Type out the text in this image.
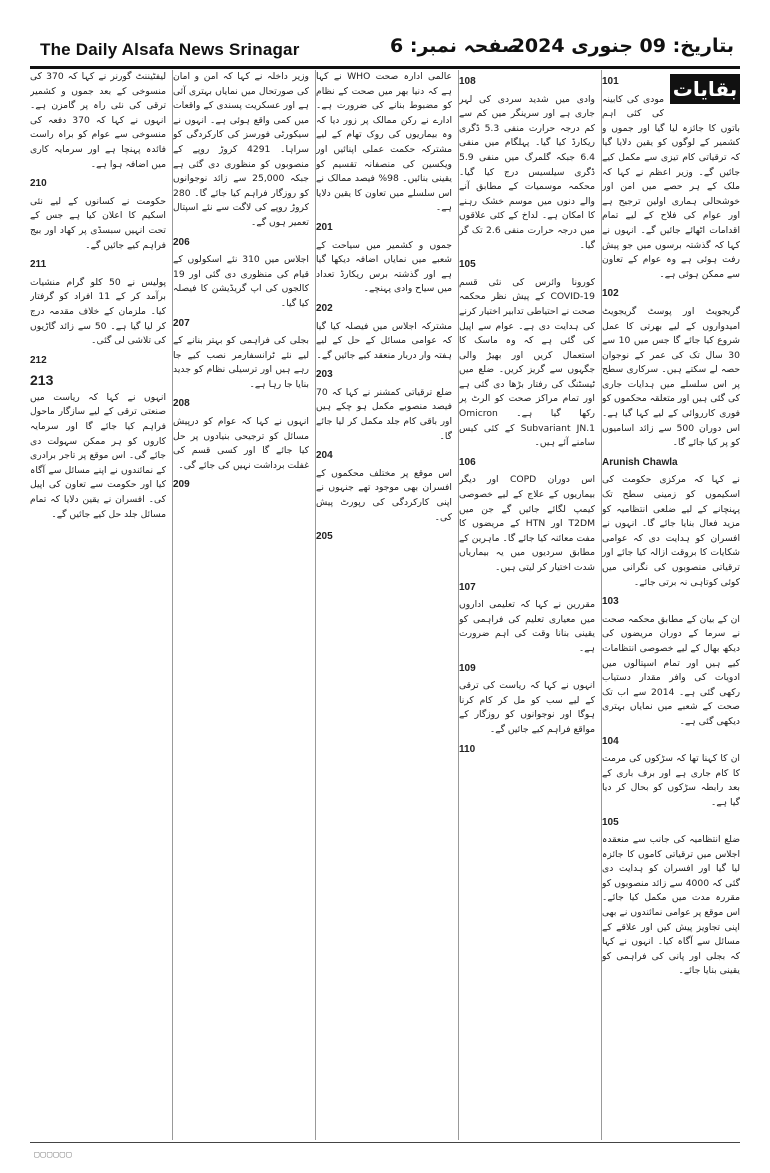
The Daily Alsafa News Srinagar	صفحہ نمبر: 6
بتاریخ: 09 جنوری 2024
بقایات
101

مودی کی کابینہ کی کئی اہم باتوں کا جائزہ لیا گیا اور جموں و کشمیر کے لوگوں کو یقین دلایا گیا کہ ترقیاتی کام تیزی سے مکمل کیے جائیں گے۔ وزیر اعظم نے کہا کہ ملک کے ہر حصے میں امن اور خوشحالی ہماری اولین ترجیح ہے اور عوام کی فلاح کے لیے تمام اقدامات اٹھائے جائیں گے۔ انہوں نے کہا کہ گذشتہ برسوں میں جو پیش رفت ہوئی ہے وہ عوام کے تعاون سے ممکن ہوئی ہے۔

102

گریجویٹ اور پوسٹ گریجویٹ امیدواروں کے لیے بھرتی کا عمل شروع کیا جائے گا جس میں 10 سے 30 سال تک کی عمر کے نوجوان حصہ لے سکتے ہیں۔ سرکاری سطح پر اس سلسلے میں ہدایات جاری کی گئی ہیں اور متعلقہ محکموں کو فوری کارروائی کے لیے کہا گیا ہے۔ اس دوران 500 سے زائد اسامیوں کو پر کیا جائے گا۔

Arunish Chawla

نے کہا کہ مرکزی حکومت کی اسکیموں کو زمینی سطح تک پہنچانے کے لیے ضلعی انتظامیہ کو مزید فعال بنایا جائے گا۔ انہوں نے افسران کو ہدایت دی کہ عوامی شکایات کا بروقت ازالہ کیا جائے اور ترقیاتی منصوبوں کی نگرانی میں کوئی کوتاہی نہ برتی جائے۔

103

ان کے بیان کے مطابق محکمہ صحت نے سرما کے دوران مریضوں کی دیکھ بھال کے لیے خصوصی انتظامات کیے ہیں اور تمام اسپتالوں میں ادویات کی وافر مقدار دستیاب رکھی گئی ہے۔ 2014 سے اب تک صحت کے شعبے میں نمایاں بہتری دیکھی گئی ہے۔

104

ان کا کہنا تھا کہ سڑکوں کی مرمت کا کام جاری ہے اور برف باری کے بعد رابطہ سڑکوں کو بحال کر دیا گیا ہے۔

105

ضلع انتظامیہ کی جانب سے منعقدہ اجلاس میں ترقیاتی کاموں کا جائزہ لیا گیا اور افسران کو ہدایت دی گئی کہ 4000 سے زائد منصوبوں کو مقررہ مدت میں مکمل کیا جائے۔ اس موقع پر عوامی نمائندوں نے بھی اپنی تجاویز پیش کیں اور علاقے کے مسائل سے آگاہ کیا۔ انہوں نے کہا کہ بجلی اور پانی کی فراہمی کو یقینی بنایا جائے۔

108

وادی میں شدید سردی کی لہر جاری ہے اور سرینگر میں کم سے کم درجہ حرارت منفی 5.3 ڈگری ریکارڈ کیا گیا۔ پہلگام میں منفی 6.4 جبکہ گلمرگ میں منفی 5.9 ڈگری سیلسیس درج کیا گیا۔ محکمہ موسمیات کے مطابق آنے والے دنوں میں موسم خشک رہنے کا امکان ہے۔ لداخ کے کئی علاقوں میں درجہ حرارت منفی 2.6 تک گر گیا۔

105

کورونا وائرس کی نئی قسم COVID-19 کے پیش نظر محکمہ صحت نے احتیاطی تدابیر اختیار کرنے کی ہدایت دی ہے۔ عوام سے اپیل کی گئی ہے کہ وہ ماسک کا استعمال کریں اور بھیڑ والی جگہوں سے گریز کریں۔ ضلع میں ٹیسٹنگ کی رفتار بڑھا دی گئی ہے اور تمام مراکز صحت کو الرٹ پر رکھا گیا ہے۔ Omicron Subvariant JN.1 کے کئی کیس سامنے آئے ہیں۔

106

اس دوران COPD اور دیگر بیماریوں کے علاج کے لیے خصوصی کیمپ لگائے جائیں گے جن میں T2DM اور HTN کے مریضوں کا مفت معائنہ کیا جائے گا۔ ماہرین کے مطابق سردیوں میں یہ بیماریاں شدت اختیار کر لیتی ہیں۔

107

مقررین نے کہا کہ تعلیمی اداروں میں معیاری تعلیم کی فراہمی کو یقینی بنانا وقت کی اہم ضرورت ہے۔

109

انہوں نے کہا کہ ریاست کی ترقی کے لیے سب کو مل کر کام کرنا ہوگا اور نوجوانوں کو روزگار کے مواقع فراہم کیے جائیں گے۔

110

عالمی ادارہ صحت WHO نے کہا ہے کہ دنیا بھر میں صحت کے نظام کو مضبوط بنانے کی ضرورت ہے۔ ادارے نے رکن ممالک پر زور دیا کہ وہ بیماریوں کی روک تھام کے لیے مشترکہ حکمت عملی اپنائیں اور ویکسین کی منصفانہ تقسیم کو یقینی بنائیں۔ 98% فیصد ممالک نے اس سلسلے میں تعاون کا یقین دلایا ہے۔

201

جموں و کشمیر میں سیاحت کے شعبے میں نمایاں اضافہ دیکھا گیا ہے اور گذشتہ برس ریکارڈ تعداد میں سیاح وادی پہنچے۔

202

مشترکہ اجلاس میں فیصلہ کیا گیا کہ عوامی مسائل کے حل کے لیے ہفتہ وار دربار منعقد کیے جائیں گے۔

203

ضلع ترقیاتی کمشنر نے کہا کہ 70 فیصد منصوبے مکمل ہو چکے ہیں اور باقی کام جلد مکمل کر لیا جائے گا۔

204

اس موقع پر مختلف محکموں کے افسران بھی موجود تھے جنہوں نے اپنی کارکردگی کی رپورٹ پیش کی۔

205

وزیر داخلہ نے کہا کہ امن و امان کی صورتحال میں نمایاں بہتری آئی ہے اور عسکریت پسندی کے واقعات میں کمی واقع ہوئی ہے۔ انہوں نے سیکورٹی فورسز کی کارکردگی کو سراہا۔ 4291 کروڑ روپے کے منصوبوں کو منظوری دی گئی ہے جبکہ 25,000 سے زائد نوجوانوں کو روزگار فراہم کیا جائے گا۔ 280 کروڑ روپے کی لاگت سے نئے اسپتال تعمیر ہوں گے۔

206

اجلاس میں 310 نئے اسکولوں کے قیام کی منظوری دی گئی اور 19 کالجوں کی اپ گریڈیشن کا فیصلہ کیا گیا۔

207

بجلی کی فراہمی کو بہتر بنانے کے لیے نئے ٹرانسفارمر نصب کیے جا رہے ہیں اور ترسیلی نظام کو جدید بنایا جا رہا ہے۔

208

انہوں نے کہا کہ عوام کو درپیش مسائل کو ترجیحی بنیادوں پر حل کیا جائے گا اور کسی قسم کی غفلت برداشت نہیں کی جائے گی۔

209

لیفٹیننٹ گورنر نے کہا کہ 370 کی منسوخی کے بعد جموں و کشمیر ترقی کی نئی راہ پر گامزن ہے۔ انہوں نے کہا کہ 370 دفعہ کی منسوخی سے عوام کو براہ راست فائدہ پہنچا ہے اور سرمایہ کاری میں اضافہ ہوا ہے۔

210

حکومت نے کسانوں کے لیے نئی اسکیم کا اعلان کیا ہے جس کے تحت انہیں سبسڈی پر کھاد اور بیج فراہم کیے جائیں گے۔

211

پولیس نے 50 کلو گرام منشیات برآمد کر کے 11 افراد کو گرفتار کیا۔ ملزمان کے خلاف مقدمہ درج کر لیا گیا ہے۔ 50 سے زائد گاڑیوں کی تلاشی لی گئی۔

212
213

انہوں نے کہا کہ ریاست میں صنعتی ترقی کے لیے سازگار ماحول فراہم کیا جائے گا اور سرمایہ کاروں کو ہر ممکن سہولت دی جائے گی۔ اس موقع پر تاجر برادری کے نمائندوں نے اپنے مسائل سے آگاہ کیا اور حکومت سے تعاون کی اپیل کی۔ افسران نے یقین دلایا کہ تمام مسائل جلد حل کیے جائیں گے۔

▢▢▢▢▢▢
